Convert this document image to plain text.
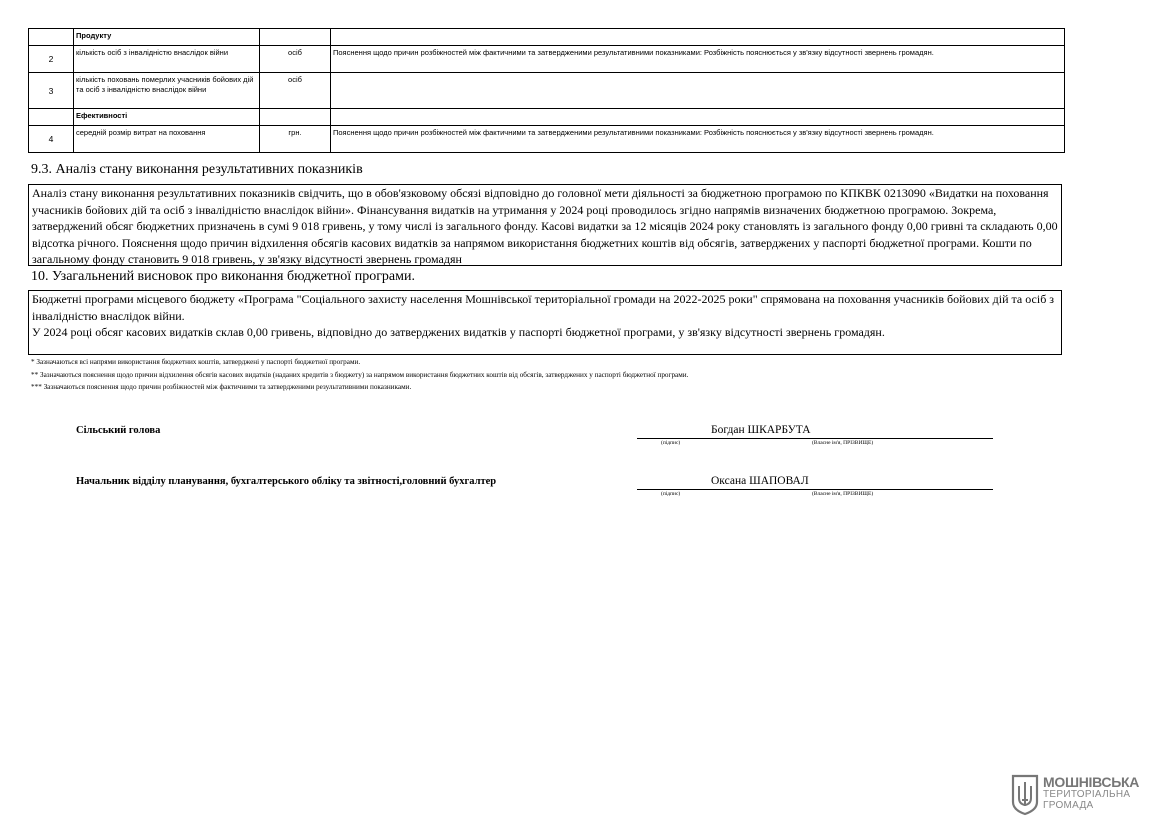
	Продукту		
2	кількість осіб з інвалідністю внаслідок війни	осіб	Пояснення щодо причин розбіжностей між фактичними та затвердженими результативними показниками: Розбіжність пояснюється у зв'язку відсутності звернень громадян.
3	кількість поховань померлих учасників бойових дій та осіб з інвалідністю внаслідок війни	осіб	
	Ефективності		
4	середній розмір витрат на поховання	грн.	Пояснення щодо причин розбіжностей між фактичними та затвердженими результативними показниками: Розбіжність пояснюється у зв'язку відсутності звернень громадян.
9.3. Аналіз стану виконання результативних показників

Аналіз стану виконання результативних показників свідчить, що в обов'язковому обсязі відповідно до головної мети діяльності за бюджетною програмою по КПКВК 0213090 «Видатки на поховання учасників бойових дій та осіб з інвалідністю внаслідок війни». Фінансування видатків на утримання у 2024 році проводилось згідно напрямів визначених бюджетною програмою. Зокрема, затверджений обсяг бюджетних призначень в сумі 9 018 гривень, у тому числі із загального фонду. Касові видатки за 12 місяців 2024 року становлять із загального фонду 0,00 гривні та складають 0,00 відсотка річного. Пояснення щодо причин відхилення обсягів касових видатків за напрямом використання бюджетних коштів від обсягів, затверджених у паспорті бюджетної програми. Кошти по загальному фонду становить 9 018 гривень, у зв'язку відсутності звернень громадян

10. Узагальнений висновок про виконання бюджетної програми.

Бюджетні програми місцевого бюджету «Програма "Соціального захисту населення Мошнівської територіальної громади на 2022-2025 роки" спрямована на поховання учасників бойових дій та осіб з інвалідністю внаслідок війни.

У 2024 році обсяг касових видатків склав 0,00 гривень, відповідно до затверджених видатків у паспорті бюджетної програми, у зв'язку відсутності звернень громадян.

* Зазначаються всі напрями використання бюджетних коштів, затверджені у паспорті бюджетної програми.
** Зазначаються пояснення щодо причин відхилення обсягів касових видатків (наданих кредитів з бюджету) за напрямом використання бюджетних коштів від обсягів, затверджених у паспорті бюджетної програми.
*** Зазначаються пояснення щодо причин розбіжностей між фактичними та затвердженими результативними показниками.
Сільський голова	Богдан ШКАРБУТА
(підпис)	(Власне ім'я, ПРІЗВИЩЕ)
Начальник відділу планування, бухгалтерського обліку та звітності,головний бухгалтер	Оксана ШАПОВАЛ
(підпис)	(Власне ім'я, ПРІЗВИЩЕ)
МОШНІВСЬКА
ТЕРИТОРІАЛЬНА
ГРОМАДА
